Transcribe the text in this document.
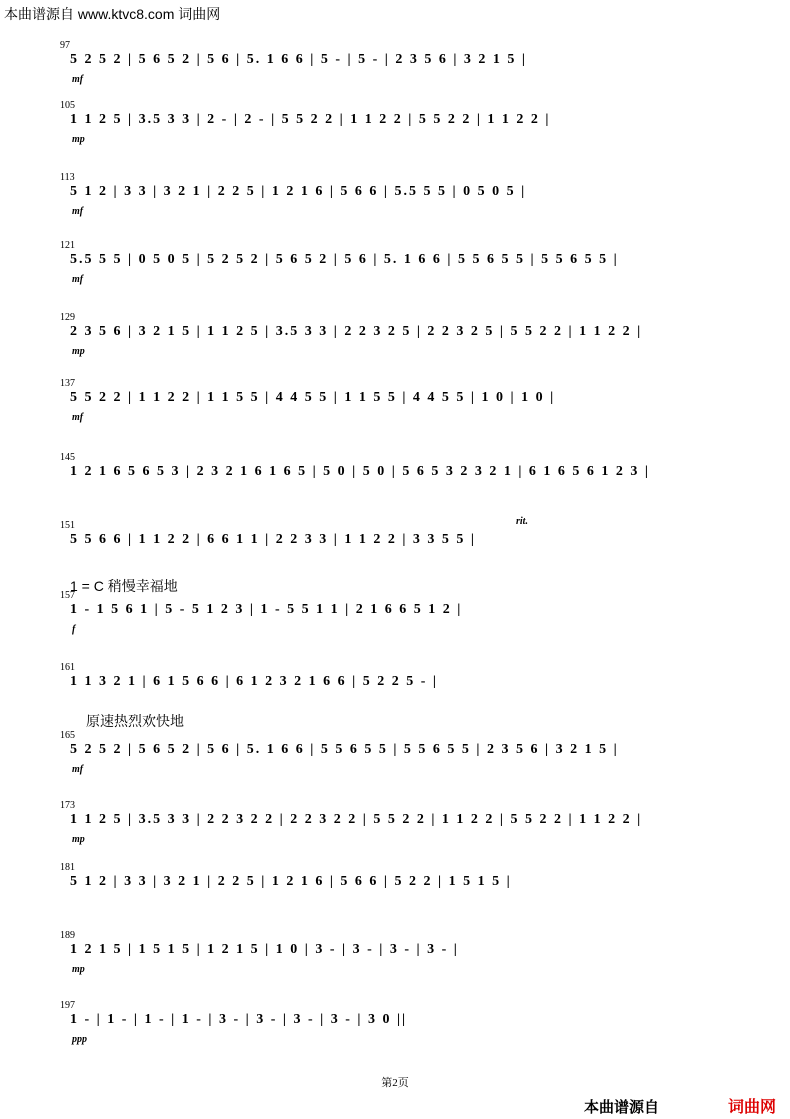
本曲谱源自 www.ktvc8.com 词曲网
97
5 2 5 2 | 5 6 5 2 | 5 6 | 5. 1 6 6 | 5 - | 5 - | 2 3 5 6 | 3 2 1 5 |
mf
105
1 1 2 5 | 3.5 3 3 | 2 - | 2 - | 5 5 2 2 | 1 1 2 2 | 5 5 2 2 | 1 1 2 2 |
mp
113
5 1 2 | 3 3 | 3 2 1 | 2 2 5 | 1 2 1 6 | 5 6 6 | 5.5 5 5 | 0 5 0 5 |
mf
121
5.5 5 5 | 0 5 0 5 | 5 2 5 2 | 5 6 5 2 | 5 6 | 5. 1 6 6 | 5 5 6 5 5 | 5 5 6 5 5 |
mf
129
2 3 5 6 | 3 2 1 5 | 1 1 2 5 | 3.5 3 3 | 2 2 3 2 5 | 2 2 3 2 5 | 5 5 2 2 | 1 1 2 2 |
mp
137
5 5 2 2 | 1 1 2 2 | 1 1 5 5 | 4 4 5 5 | 1 1 5 5 | 4 4 5 5 | 1 0 | 1 0 |
mf
145
1 2 1 6 5 6 5 3 | 2 3 2 1 6 1 6 5 | 5 0 | 5 0 | 5 6 5 3 2 3 2 1 | 6 1 6 5 6 1 2 3 |
151
5 5 6 6 | 1 1 2 2 | 6 6 1 1 | 2 2 3 3 | 1 1 2 2 | 3 3 5 5 |
157
1 - 1 5 6 1 | 5 - 5 1 2 3 | 1 - 5 5 1 1 | 2 1 6 6 5 1 2 |
f
161
1 1 3 2 1 | 6 1 5 6 6 | 6 1 2 3 2 1 6 6 | 5 2 2 5 - |
165
5 2 5 2 | 5 6 5 2 | 5 6 | 5. 1 6 6 | 5 5 6 5 5 | 5 5 6 5 5 | 2 3 5 6 | 3 2 1 5 |
mf
173
1 1 2 5 | 3.5 3 3 | 2 2 3 2 2 | 2 2 3 2 2 | 5 5 2 2 | 1 1 2 2 | 5 5 2 2 | 1 1 2 2 |
mp
181
5 1 2 | 3 3 | 3 2 1 | 2 2 5 | 1 2 1 6 | 5 6 6 | 5 2 2 | 1 5 1 5 |
189
1 2 1 5 | 1 5 1 5 | 1 2 1 5 | 1 0 | 3 - | 3 - | 3 - | 3 - |
mp
197
1 - | 1 - | 1 - | 1 - | 3 - | 3 - | 3 - | 3 - | 3 0 ||
ppp
1 = C 稍慢幸福地
原速热烈欢快地
rit.
第2页
本曲谱源自	词曲网
